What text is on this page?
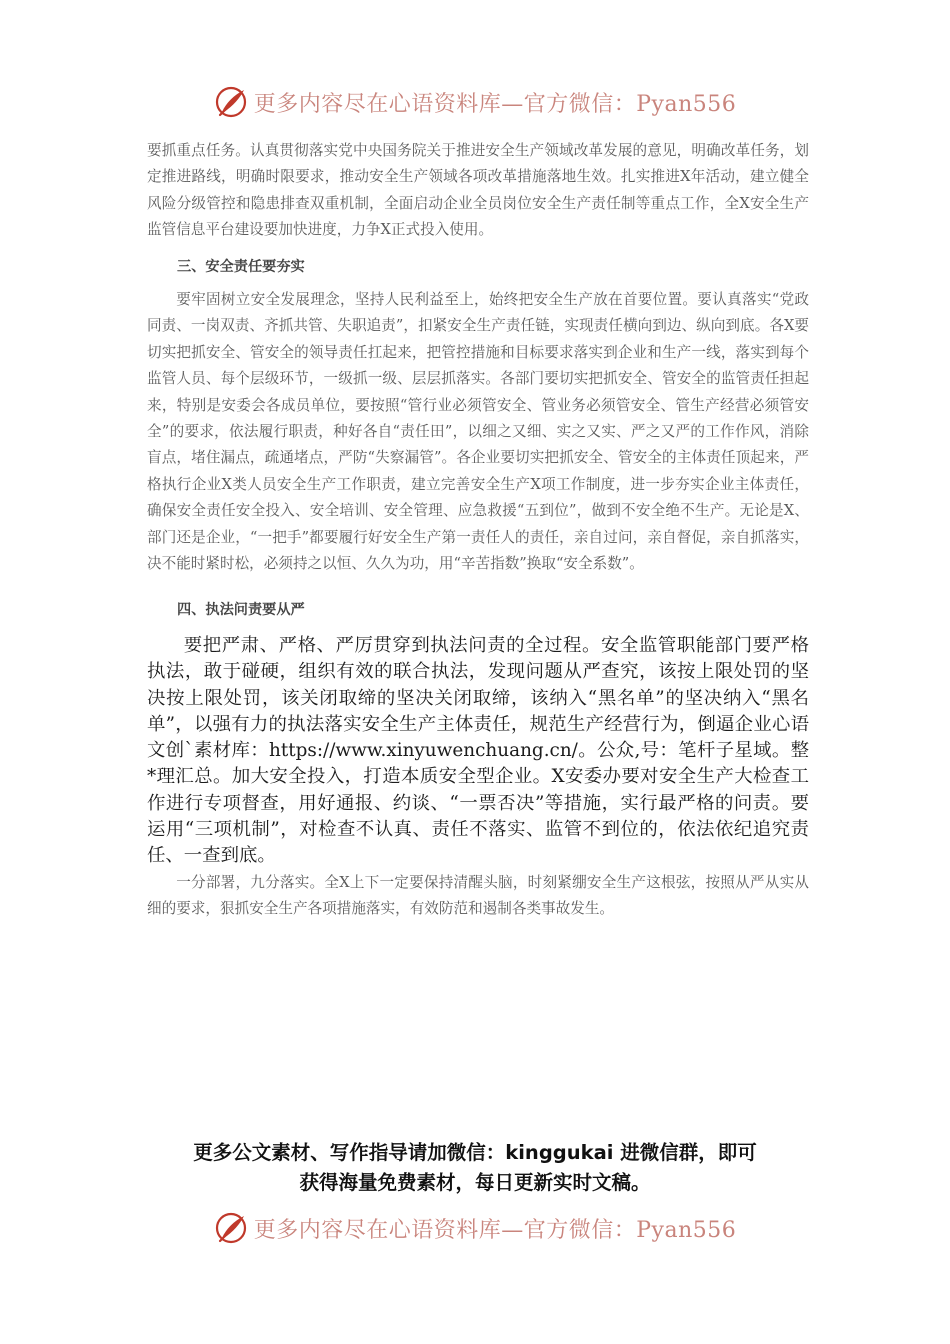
更多内容尽在心语资料库—官方微信：Pyan556

要抓重点任务。认真贯彻落实党中央国务院关于推进安全生产领域改革发展的意见，明确改革任务，划定推进路线，明确时限要求，推动安全生产领域各项改革措施落地生效。扎实推进X年活动，建立健全风险分级管控和隐患排查双重机制，全面启动企业全员岗位安全生产责任制等重点工作，全X安全生产监管信息平台建设要加快进度，力争X正式投入使用。

三、安全责任要夯实

要牢固树立安全发展理念，坚持人民利益至上，始终把安全生产放在首要位置。要认真落实“党政同责、一岗双责、齐抓共管、失职追责”，扣紧安全生产责任链，实现责任横向到边、纵向到底。各X要切实把抓安全、管安全的领导责任扛起来，把管控措施和目标要求落实到企业和生产一线，落实到每个监管人员、每个层级环节，一级抓一级、层层抓落实。各部门要切实把抓安全、管安全的监管责任担起来，特别是安委会各成员单位，要按照“管行业必须管安全、管业务必须管安全、管生产经营必须管安全”的要求，依法履行职责，种好各自“责任田”，以细之又细、实之又实、严之又严的工作作风，消除盲点，堵住漏点，疏通堵点，严防“失察漏管”。各企业要切实把抓安全、管安全的主体责任顶起来，严格执行企业X类人员安全生产工作职责，建立完善安全生产X项工作制度，进一步夯实企业主体责任，确保安全责任安全投入、安全培训、安全管理、应急救援“五到位”，做到不安全绝不生产。无论是X、部门还是企业，“一把手”都要履行好安全生产第一责任人的责任，亲自过问，亲自督促，亲自抓落实，决不能时紧时松，必须持之以恒、久久为功，用“辛苦指数”换取“安全系数”。

四、执法问责要从严

要把严肃、严格、严厉贯穿到执法问责的全过程。安全监管职能部门要严格执法，敢于碰硬，组织有效的联合执法，发现问题从严查究，该按上限处罚的坚决按上限处罚，该关闭取缔的坚决关闭取缔，该纳入“黑名单”的坚决纳入“黑名单”，以强有力的执法落实安全生产主体责任，规范生产经营行为，倒逼企业心语文创`素材库：https://www.xinyuwenchuang.cn/。公众,号：笔杆子星域。整*理汇总。加大安全投入，打造本质安全型企业。X安委办要对安全生产大检查工作进行专项督查，用好通报、约谈、“一票否决”等措施，实行最严格的问责。要运用“三项机制”，对检查不认真、责任不落实、监管不到位的，依法依纪追究责任、一查到底。

一分部署，九分落实。全X上下一定要保持清醒头脑，时刻紧绷安全生产这根弦，按照从严从实从细的要求，狠抓安全生产各项措施落实，有效防范和遏制各类事故发生。

更多公文素材、写作指导请加微信：kinggukai 进微信群，即可
获得海量免费素材，每日更新实时文稿。

更多内容尽在心语资料库—官方微信：Pyan556
